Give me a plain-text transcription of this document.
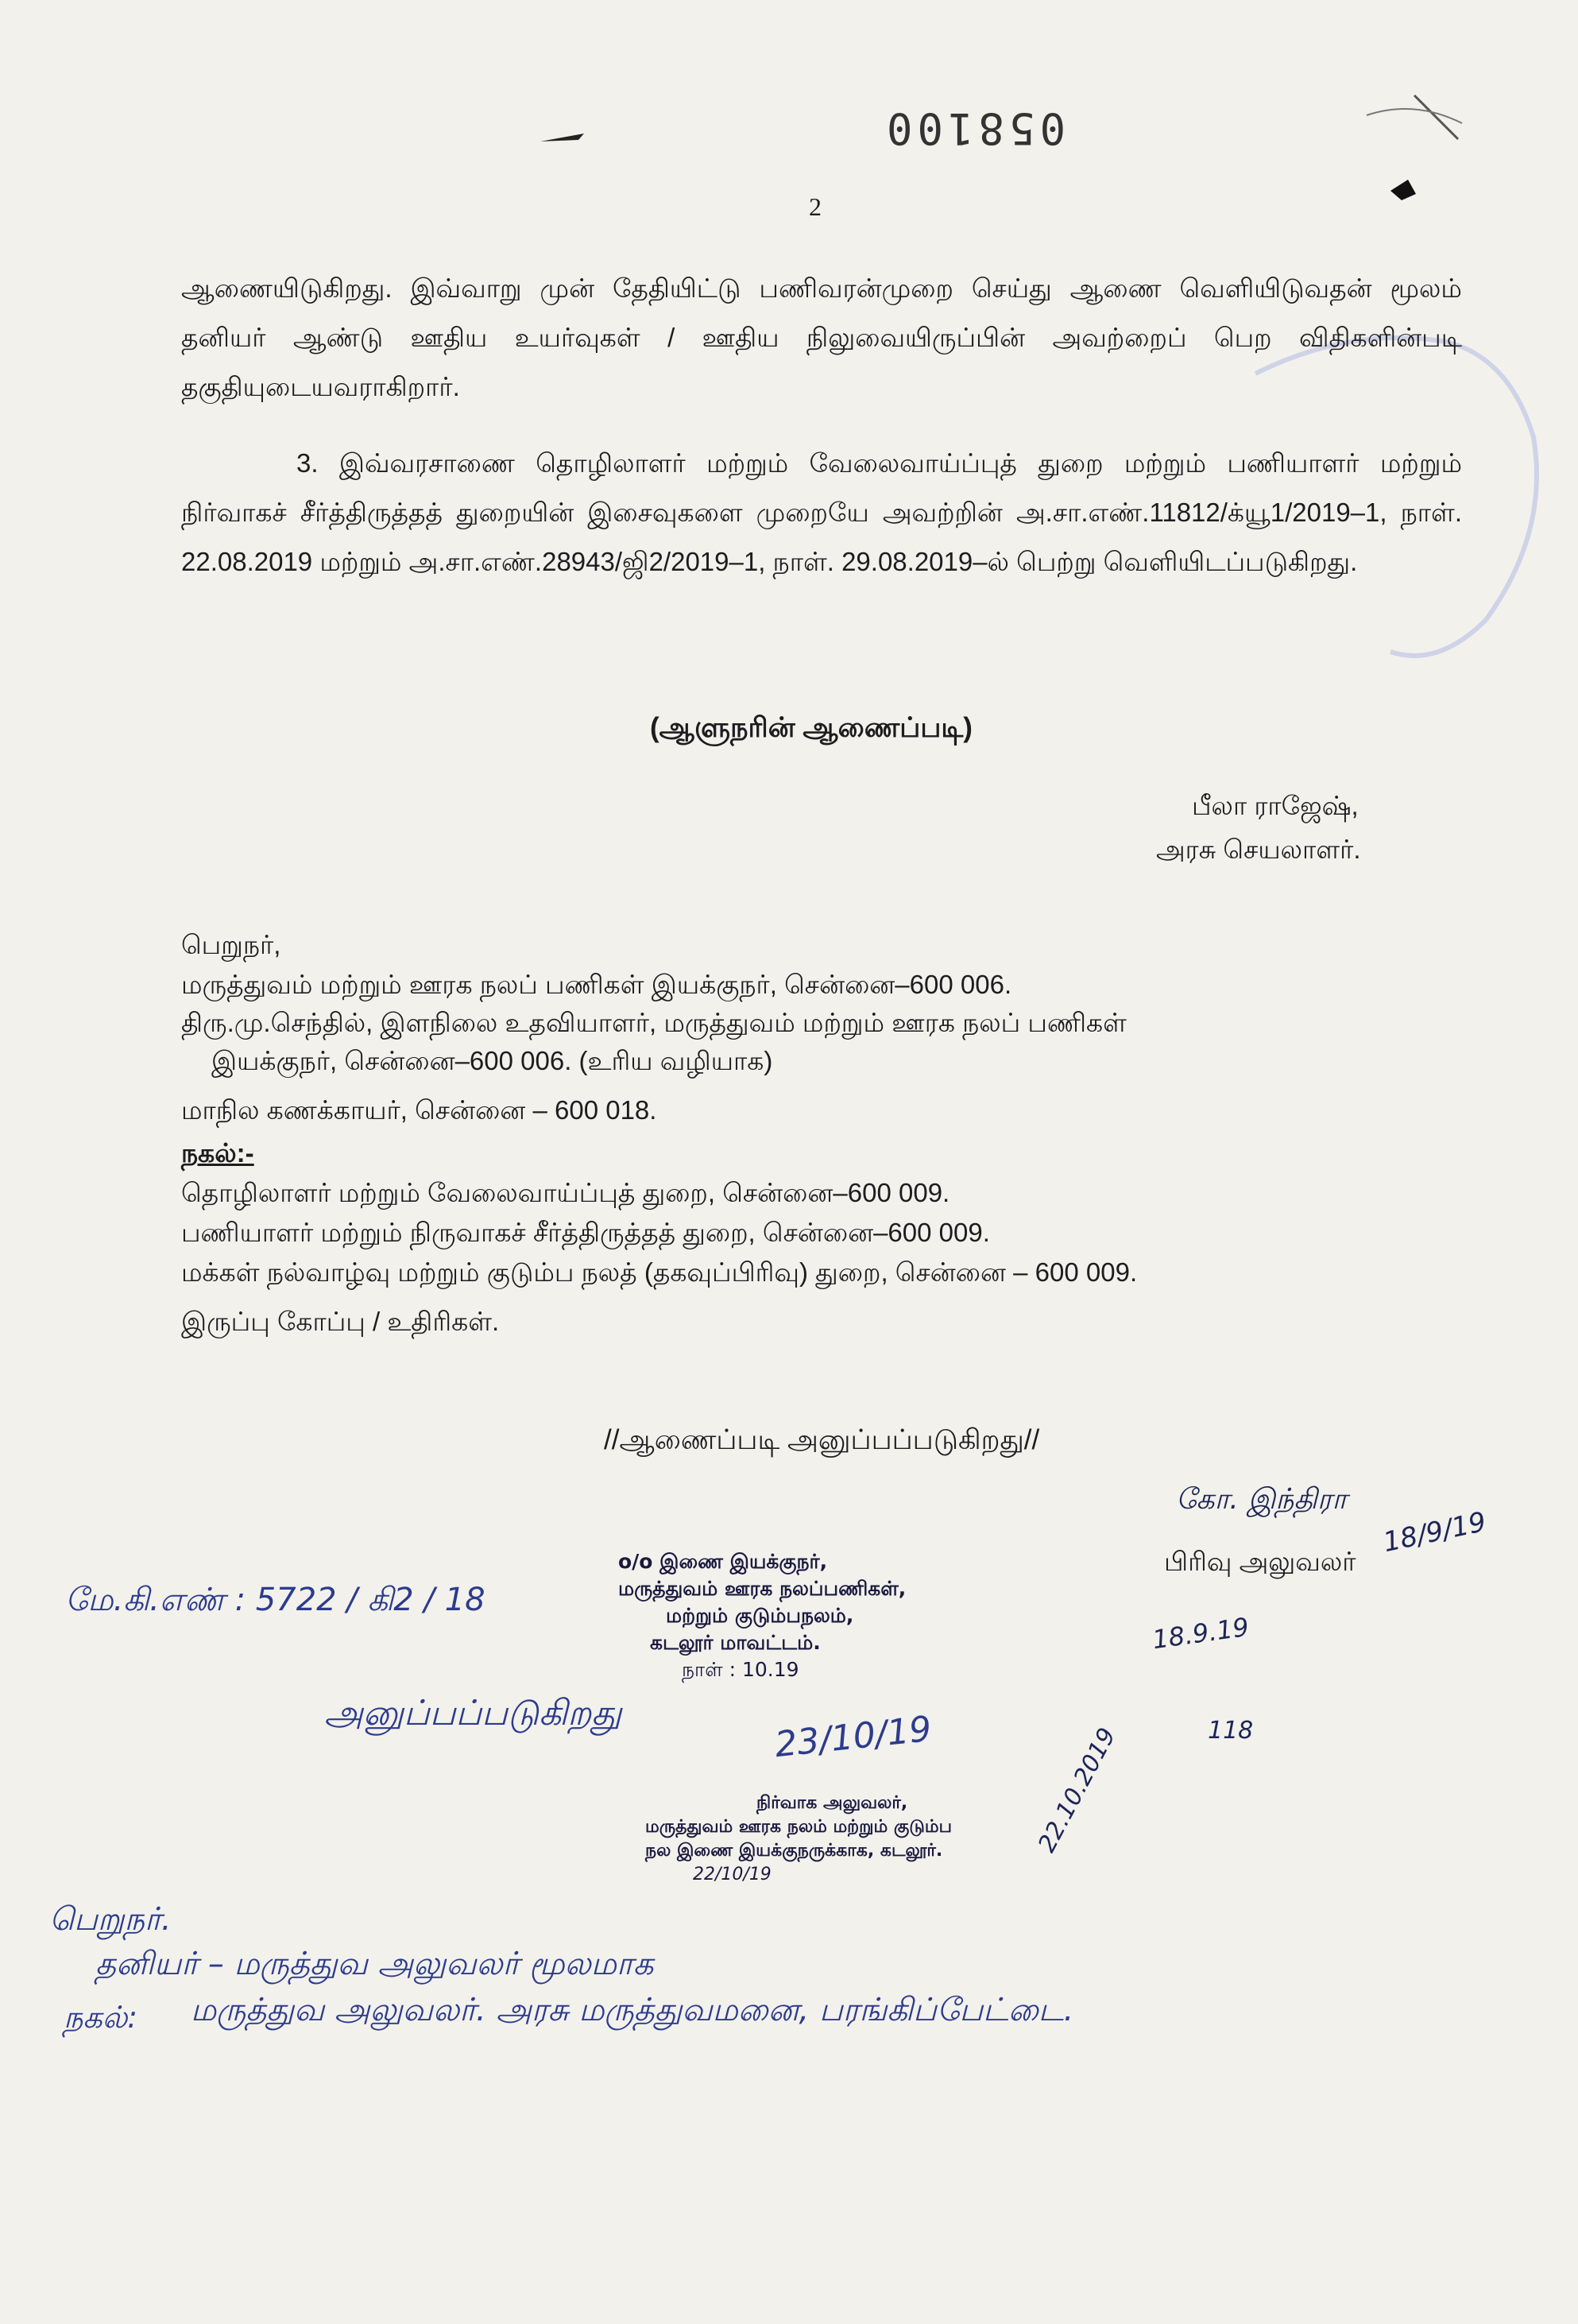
058100
2
ஆணையிடுகிறது. இவ்வாறு முன் தேதியிட்டு பணிவரன்முறை செய்து ஆணை வெளியிடுவதன் மூலம் தனியர் ஆண்டு ஊதிய உயர்வுகள் / ஊதிய நிலுவையிருப்பின் அவற்றைப் பெற விதிகளின்படி தகுதியுடையவராகிறார்.
3. இவ்வரசாணை தொழிலாளர் மற்றும் வேலைவாய்ப்புத் துறை மற்றும் பணியாளர் மற்றும் நிர்வாகச் சீர்த்திருத்தத் துறையின் இசைவுகளை முறையே அவற்றின் அ.சா.எண்.11812/க்யூ1/2019–1, நாள். 22.08.2019 மற்றும் அ.சா.எண்.28943/ஜி2/2019–1, நாள். 29.08.2019–ல் பெற்று வெளியிடப்படுகிறது.
(ஆளுநரின் ஆணைப்படி)
பீலா ராஜேஷ்,
அரசு செயலாளர்.
பெறுநர்,
மருத்துவம் மற்றும் ஊரக நலப் பணிகள் இயக்குநர், சென்னை–600 006.
திரு.மு.செந்தில், இளநிலை உதவியாளர், மருத்துவம் மற்றும் ஊரக நலப் பணிகள்
இயக்குநர், சென்னை–600 006. (உரிய வழியாக)
மாநில கணக்காயர், சென்னை – 600 018.
நகல்:-
தொழிலாளர் மற்றும் வேலைவாய்ப்புத் துறை, சென்னை–600 009.
பணியாளர் மற்றும் நிருவாகச் சீர்த்திருத்தத் துறை, சென்னை–600 009.
மக்கள் நல்வாழ்வு மற்றும் குடும்ப நலத் (தகவுப்பிரிவு) துறை, சென்னை – 600 009.
இருப்பு கோப்பு / உதிரிகள்.
//ஆணைப்படி அனுப்பப்படுகிறது//
கோ. இந்திரா
18/9/19
பிரிவு அலுவலர்
18.9.19
118
மே.கி.எண் : 5722 / கி2 / 18
ο/ο இணை இயக்குநர்,
மருத்துவம் ஊரக நலப்பணிகள்,
மற்றும் குடும்பநலம்,
கடலூர் மாவட்டம்.
நாள் : 10.19
அனுப்பப்படுகிறது	23/10/19
நிர்வாக அலுவலர்,
மருத்துவம் ஊரக நலம் மற்றும் குடும்ப
நல இணை இயக்குநருக்காக, கடலூர்.
22/10/19
22.10.2019
பெறுநர்.
தனியர் – மருத்துவ அலுவலர் மூலமாக
நகல்: மருத்துவ அலுவலர். அரசு மருத்துவமனை, பரங்கிப்பேட்டை.
